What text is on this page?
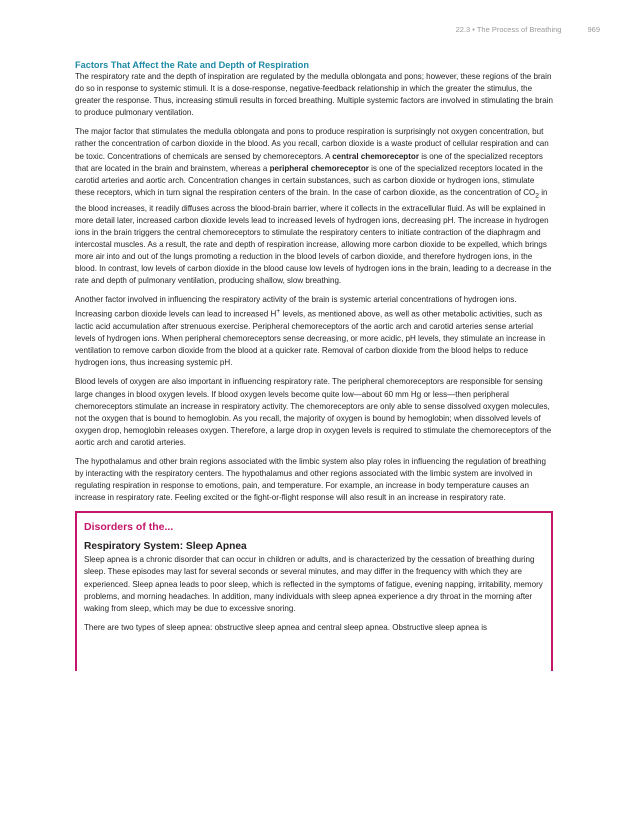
22.3 • The Process of Breathing	969
Factors That Affect the Rate and Depth of Respiration

The respiratory rate and the depth of inspiration are regulated by the medulla oblongata and pons; however, these regions of the brain do so in response to systemic stimuli. It is a dose-response, negative-feedback relationship in which the greater the stimulus, the greater the response. Thus, increasing stimuli results in forced breathing. Multiple systemic factors are involved in stimulating the brain to produce pulmonary ventilation.

The major factor that stimulates the medulla oblongata and pons to produce respiration is surprisingly not oxygen concentration, but rather the concentration of carbon dioxide in the blood. As you recall, carbon dioxide is a waste product of cellular respiration and can be toxic. Concentrations of chemicals are sensed by chemoreceptors. A central chemoreceptor is one of the specialized receptors that are located in the brain and brainstem, whereas a peripheral chemoreceptor is one of the specialized receptors located in the carotid arteries and aortic arch. Concentration changes in certain substances, such as carbon dioxide or hydrogen ions, stimulate these receptors, which in turn signal the respiration centers of the brain. In the case of carbon dioxide, as the concentration of $CO_2$ in the blood increases, it readily diffuses across the blood-brain barrier, where it collects in the extracellular fluid. As will be explained in more detail later, increased carbon dioxide levels lead to increased levels of hydrogen ions, decreasing pH. The increase in hydrogen ions in the brain triggers the central chemoreceptors to stimulate the respiratory centers to initiate contraction of the diaphragm and intercostal muscles. As a result, the rate and depth of respiration increase, allowing more carbon dioxide to be expelled, which brings more air into and out of the lungs promoting a reduction in the blood levels of carbon dioxide, and therefore hydrogen ions, in the blood. In contrast, low levels of carbon dioxide in the blood cause low levels of hydrogen ions in the brain, leading to a decrease in the rate and depth of pulmonary ventilation, producing shallow, slow breathing.

Another factor involved in influencing the respiratory activity of the brain is systemic arterial concentrations of hydrogen ions. Increasing carbon dioxide levels can lead to increased H+ levels, as mentioned above, as well as other metabolic activities, such as lactic acid accumulation after strenuous exercise. Peripheral chemoreceptors of the aortic arch and carotid arteries sense arterial levels of hydrogen ions. When peripheral chemoreceptors sense decreasing, or more acidic, pH levels, they stimulate an increase in ventilation to remove carbon dioxide from the blood at a quicker rate. Removal of carbon dioxide from the blood helps to reduce hydrogen ions, thus increasing systemic pH.

Blood levels of oxygen are also important in influencing respiratory rate. The peripheral chemoreceptors are responsible for sensing large changes in blood oxygen levels. If blood oxygen levels become quite low—about 60 mm Hg or less—then peripheral chemoreceptors stimulate an increase in respiratory activity. The chemoreceptors are only able to sense dissolved oxygen molecules, not the oxygen that is bound to hemoglobin. As you recall, the majority of oxygen is bound by hemoglobin; when dissolved levels of oxygen drop, hemoglobin releases oxygen. Therefore, a large drop in oxygen levels is required to stimulate the chemoreceptors of the aortic arch and carotid arteries.

The hypothalamus and other brain regions associated with the limbic system also play roles in influencing the regulation of breathing by interacting with the respiratory centers. The hypothalamus and other regions associated with the limbic system are involved in regulating respiration in response to emotions, pain, and temperature. For example, an increase in body temperature causes an increase in respiratory rate. Feeling excited or the fight-or-flight response will also result in an increase in respiratory rate.

Disorders of the...
Respiratory System: Sleep Apnea

Sleep apnea is a chronic disorder that can occur in children or adults, and is characterized by the cessation of breathing during sleep. These episodes may last for several seconds or several minutes, and may differ in the frequency with which they are experienced. Sleep apnea leads to poor sleep, which is reflected in the symptoms of fatigue, evening napping, irritability, memory problems, and morning headaches. In addition, many individuals with sleep apnea experience a dry throat in the morning after waking from sleep, which may be due to excessive snoring.

There are two types of sleep apnea: obstructive sleep apnea and central sleep apnea. Obstructive sleep apnea is
